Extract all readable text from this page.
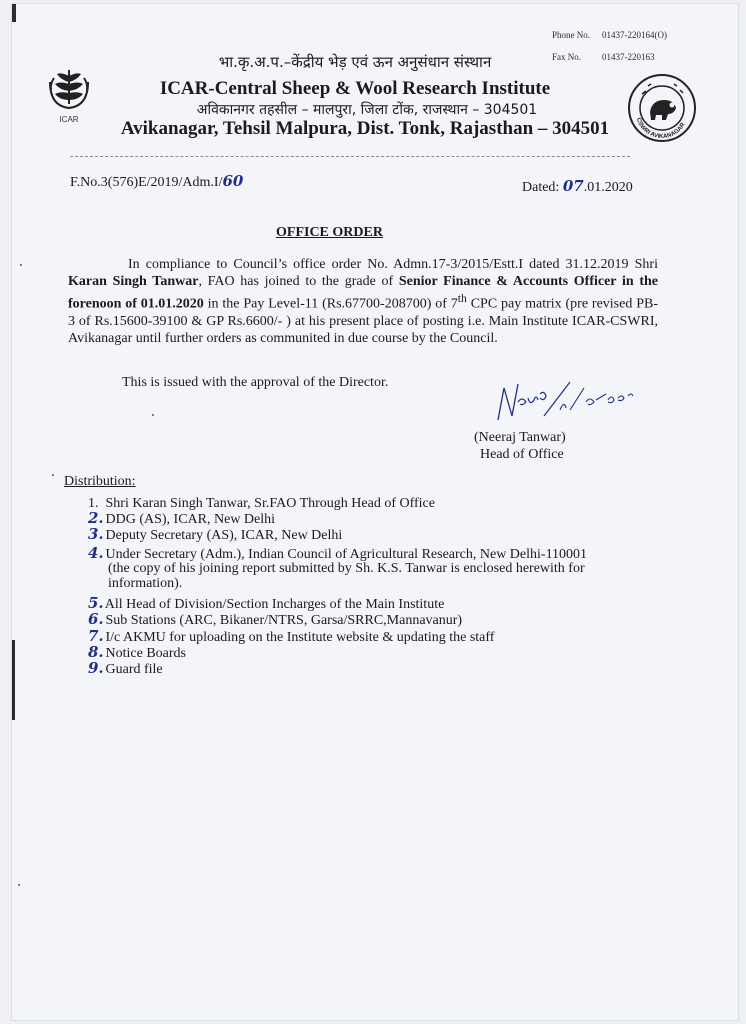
Phone No. 01437-220164(O)
Fax No. 01437-220163
ICAR
भा.कृ.अ.प.–केंद्रीय भेड़ एवं ऊन अनुसंधान संस्थान
ICAR-Central Sheep & Wool Research Institute
अविकानगर तहसील – मालपुरा, जिला टोंक, राजस्थान – 304501
Avikanagar, Tehsil Malpura, Dist. Tonk, Rajasthan – 304501	CSWRI AVIKANAGAR
F.No.3(576)E/2019/Adm.I/60	Dated: 07.01.2020
OFFICE ORDER
In compliance to Council’s office order No. Admn.17-3/2015/Estt.I dated 31.12.2019 Shri Karan Singh Tanwar, FAO has joined to the grade of Senior Finance & Accounts Officer in the forenoon of 01.01.2020 in the Pay Level-11 (Rs.67700-208700) of 7th CPC pay matrix (pre revised PB-3 of Rs.15600-39100 & GP Rs.6600/- ) at his present place of posting i.e. Main Institute ICAR-CSWRI, Avikanagar until further orders as communited in due course by the Council.
This is issued with the approval of the Director.	Neeraj 7/01/2020
(Neeraj Tanwar)
Head of Office
Distribution:
1. Shri Karan Singh Tanwar, Sr.FAO Through Head of Office
2. DDG (AS), ICAR, New Delhi
3. Deputy Secretary (AS), ICAR, New Delhi
4. Under Secretary (Adm.), Indian Council of Agricultural Research, New Delhi-110001
(the copy of his joining report submitted by Sh. K.S. Tanwar is enclosed herewith for
information).
5. All Head of Division/Section Incharges of the Main Institute
6. Sub Stations (ARC, Bikaner/NTRS, Garsa/SRRC,Mannavanur)
7. I/c AKMU for uploading on the Institute website & updating the staff
8. Notice Boards
9. Guard file
